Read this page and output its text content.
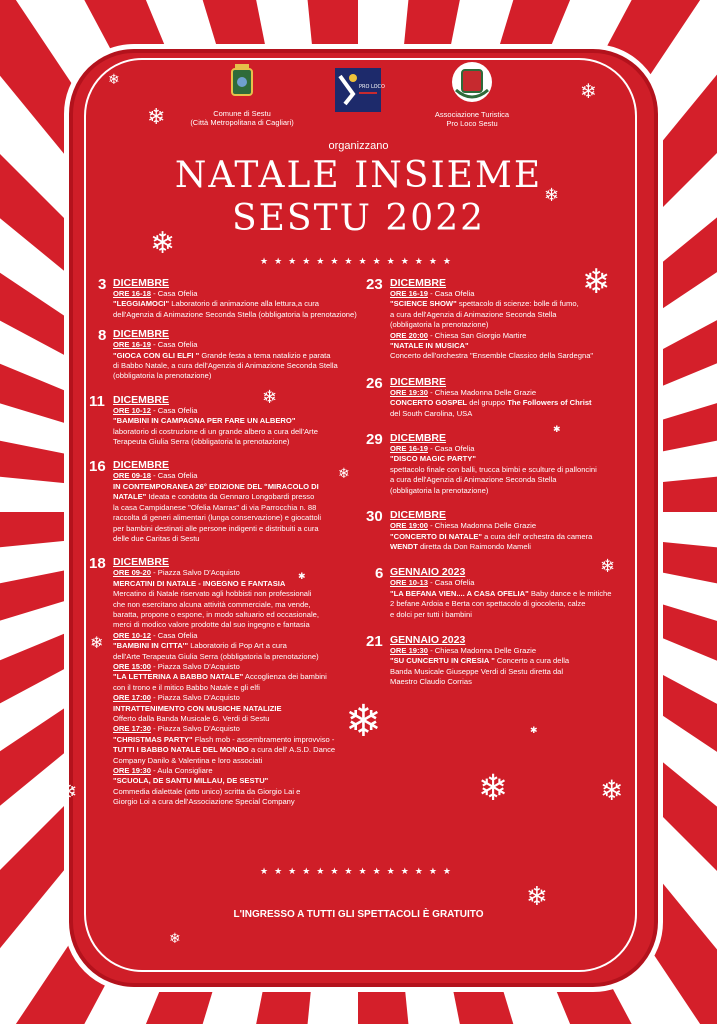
Comune di Sestu
(Città Metropolitana di Cagliari)
PRO LOCO
Associazione Turistica
Pro Loco Sestu
organizzano
NATALE INSIEME
SESTU 2022
★★★★★★★★★★★★★★
3 DICEMBRE
ORE 16-18 - Casa Ofelia
"LEGGIAMOCI" Laboratorio di animazione alla lettura,a cura
dell'Agenzia di Animazione Seconda Stella (obbligatoria la prenotazione)
8 DICEMBRE
ORE 16-19 - Casa Ofelia
"GIOCA CON GLI ELFI " Grande festa a tema natalizio e parata
di Babbo Natale, a cura dell'Agenzia di Animazione Seconda Stella
(obbligatoria la prenotazione)
11 DICEMBRE
ORE 10-12 - Casa Ofelia
"BAMBINI IN CAMPAGNA PER FARE UN ALBERO"
laboratorio di costruzione di un grande albero a cura dell'Arte
Terapeuta Giulia Serra (obbligatoria la prenotazione)
16 DICEMBRE
ORE 09-18 - Casa Ofelia
IN CONTEMPORANEA 26° EDIZIONE DEL "MIRACOLO DI
NATALE" Ideata e condotta da Gennaro Longobardi presso
la casa Campidanese "Ofelia Marras" di via Parrocchia n. 88
raccolta di generi alimentari (lunga conservazione) e giocattoli
per bambini destinati alle persone indigenti e distribuiti a cura
delle due Caritas di Sestu
18 DICEMBRE
ORE 09-20 - Piazza Salvo D'Acquisto
MERCATINI DI NATALE - INGEGNO E FANTASIA
Mercatino di Natale riservato agli hobbisti non professionali
che non esercitano alcuna attività commerciale, ma vende,
baratta, propone o espone, in modo saltuario ed occasionale,
merci di modico valore prodotte dal suo ingegno e fantasia
ORE 10-12 - Casa Ofelia
"BAMBINI IN CITTA'" Laboratorio di Pop Art a cura
dell'Arte Terapeuta Giulia Serra (obbligatoria la prenotazione)
ORE 15:00 - Piazza Salvo D'Acquisto
"LA LETTERINA A BABBO NATALE" Accoglienza dei bambini
con il trono e il mitico Babbo Natale e gli elfi
ORE 17:00 - Piazza Salvo D'Acquisto
INTRATTENIMENTO CON MUSICHE NATALIZIE
Offerto dalla Banda Musicale G. Verdi di Sestu
ORE 17:30 - Piazza Salvo D'Acquisto
"CHRISTMAS PARTY" Flash mob - assembramento improvviso -
TUTTI I BABBO NATALE DEL MONDO a cura dell' A.S.D. Dance
Company Danilo & Valentina e loro associati
ORE 19:30 - Aula Consigliare
"SCUOLA, DE SANTU MILLAU, DE SESTU"
Commedia dialettale (atto unico) scritta da Giorgio Lai e
Giorgio Loi a cura dell'Associazione Special Company
23 DICEMBRE
ORE 16-19 - Casa Ofelia
"SCIENCE SHOW" spettacolo di scienze: bolle di fumo,
a cura dell'Agenzia di Animazione Seconda Stella
(obbligatoria la prenotazione)
ORE 20:00 - Chiesa San Giorgio Martire
"NATALE IN MUSICA"
Concerto dell'orchestra "Ensemble Classico della Sardegna"
26 DICEMBRE
ORE 19:30 - Chiesa Madonna Delle Grazie
CONCERTO GOSPEL del gruppo The Followers of Christ
del South Carolina, USA
29 DICEMBRE
ORE 16-19 - Casa Ofelia
"DISCO MAGIC PARTY"
spettacolo finale con balli, trucca bimbi e sculture di palloncini
a cura dell'Agenzia di Animazione Seconda Stella
(obbligatoria la prenotazione)
30 DICEMBRE
ORE 19:00 - Chiesa Madonna Delle Grazie
"CONCERTO DI NATALE" a cura dell' orchestra da camera
WENDT diretta da Don Raimondo Mameli
6 GENNAIO 2023
ORE 10-13 - Casa Ofelia
"LA BEFANA VIEN.... A CASA OFELIA" Baby dance e le mitiche
2 befane Ardoia e Berta con spettacolo di giocoleria, calze
e dolci per tutti i bambini
21 GENNAIO 2023
ORE 19:30 - Chiesa Madonna Delle Grazie
"SU CUNCERTU IN CRESIA " Concerto a cura della
Banda Musicale Giuseppe Verdi di Sestu diretta dal
Maestro Claudio Corrias
❄
❄
❄
❄
❄
❄
❄
❄
✱
❄
✱
❄
❄	✱
❄	❄
❄
❄
❄
★★★★★★★★★★★★★★
L'INGRESSO A TUTTI GLI SPETTACOLI È GRATUITO
